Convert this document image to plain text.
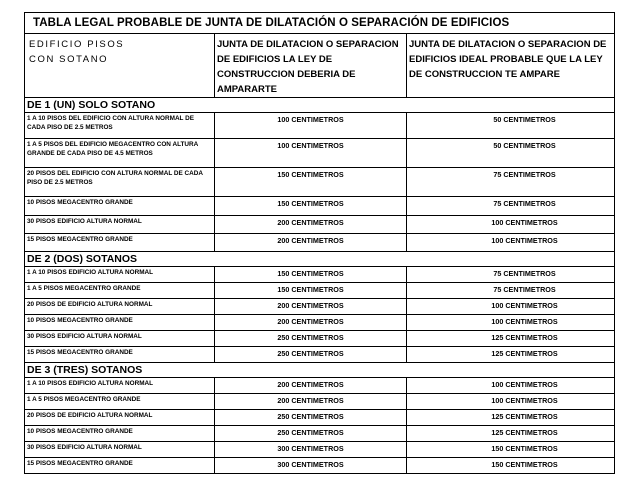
TABLA LEGAL PROBABLE DE JUNTA DE DILATACIÓN O SEPARACIÓN DE EDIFICIOS		

EDIFICIO PISOS
CON SOTANO	JUNTA DE DILATACION O SEPARACION DE EDIFICIOS LA LEY DE CONSTRUCCION DEBERIA DE AMPARARTE	JUNTA DE DILATACION O SEPARACION DE EDIFICIOS IDEAL PROBABLE QUE LA LEY DE CONSTRUCCION TE AMPARE
DE 1 (UN) SOLO SOTANO		
1 A 10 PISOS DEL EDIFICIO CON ALTURA NORMAL DE CADA PISO DE 2.5 METROS	100 CENTIMETROS	50 CENTIMETROS
1 A 5 PISOS DEL EDIFICIO MEGACENTRO CON ALTURA GRANDE DE CADA PISO DE 4.5 METROS	100 CENTIMETROS	50 CENTIMETROS
20 PISOS DEL EDIFICIO CON ALTURA NORMAL DE CADA PISO DE 2.5 METROS	150 CENTIMETROS	75 CENTIMETROS
10 PISOS MEGACENTRO GRANDE	150 CENTIMETROS	75 CENTIMETROS
30 PISOS EDIFICIO ALTURA NORMAL	200 CENTIMETROS	100 CENTIMETROS
15 PISOS MEGACENTRO GRANDE	200 CENTIMETROS	100 CENTIMETROS
DE 2 (DOS) SOTANOS		
1 A 10 PISOS EDIFICIO ALTURA NORMAL	150 CENTIMETROS	75 CENTIMETROS
1 A 5 PISOS MEGACENTRO GRANDE	150 CENTIMETROS	75 CENTIMETROS
20 PISOS DE EDIFICIO ALTURA NORMAL	200 CENTIMETROS	100 CENTIMETROS
10 PISOS MEGACENTRO GRANDE	200 CENTIMETROS	100 CENTIMETROS
30 PISOS EDIFICIO ALTURA NORMAL	250 CENTIMETROS	125 CENTIMETROS
15 PISOS MEGACENTRO GRANDE	250 CENTIMETROS	125 CENTIMETROS
DE 3 (TRES) SOTANOS		
1 A 10 PISOS EDIFICIO ALTURA NORMAL	200 CENTIMETROS	100 CENTIMETROS
1 A 5 PISOS MEGACENTRO GRANDE	200 CENTIMETROS	100 CENTIMETROS
20 PISOS DE EDIFICIO ALTURA NORMAL	250 CENTIMETROS	125 CENTIMETROS
10 PISOS MEGACENTRO GRANDE	250 CENTIMETROS	125 CENTIMETROS
30 PISOS EDIFICIO ALTURA NORMAL	300 CENTIMETROS	150 CENTIMETROS
15 PISOS MEGACENTRO GRANDE	300 CENTIMETROS	150 CENTIMETROS
